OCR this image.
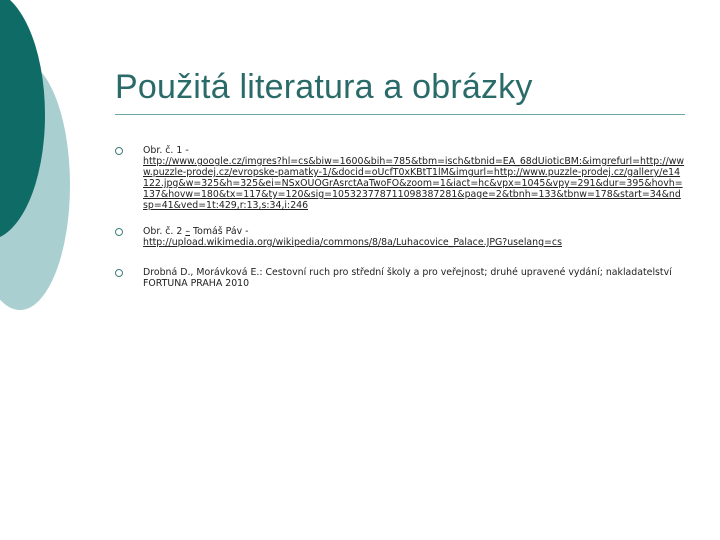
Použitá literatura a obrázky
Obr. č. 1 -
http://www.google.cz/imgres?hl=cs&biw=1600&bih=785&tbm=isch&tbnid=EA_68dUioticBM:&imgrefurl=http://www.puzzle-prodej.cz/evropske-pamatky-1/&docid=oUcfT0xKBtT1lM&imgurl=http://www.puzzle-prodej.cz/gallery/e14122.jpg&w=325&h=325&ei=NSxOUOGrAsrctAaTwoFO&zoom=1&iact=hc&vpx=1045&vpy=291&dur=395&hovh=137&hovw=180&tx=117&ty=120&sig=105323778711098387281&page=2&tbnh=133&tbnw=178&start=34&ndsp=41&ved=1t:429,r:13,s:34,i:246
Obr. č. 2 – Tomáš Páv -
http://upload.wikimedia.org/wikipedia/commons/8/8a/Luhacovice_Palace.JPG?uselang=cs
Drobná D., Morávková E.: Cestovní ruch pro střední školy a pro veřejnost; druhé upravené vydání; nakladatelství FORTUNA PRAHA 2010
